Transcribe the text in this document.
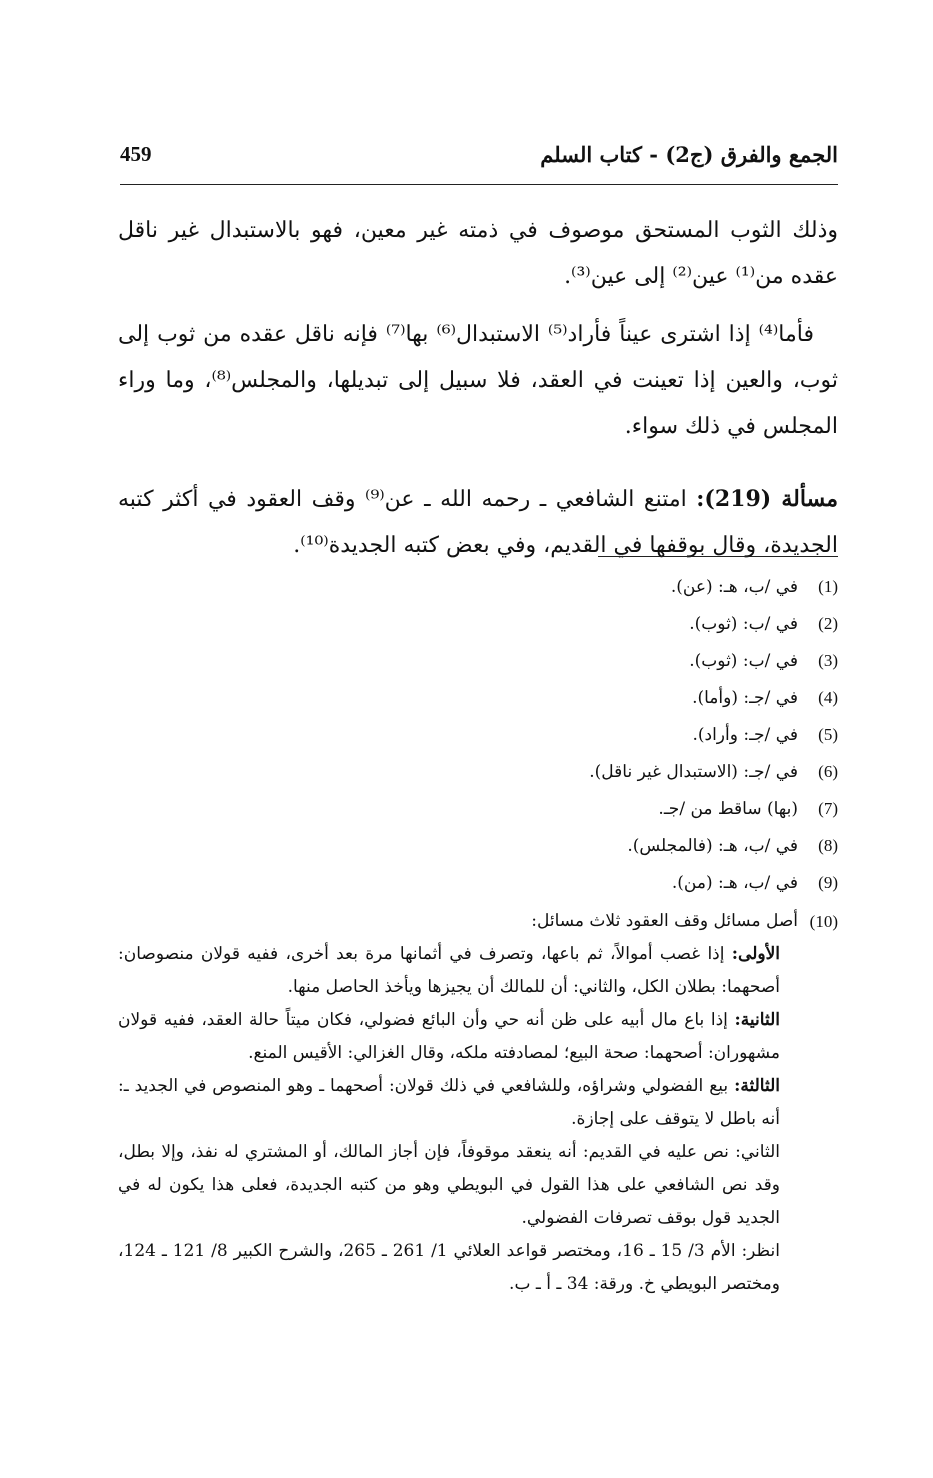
الجمع والفرق (ج2) - كتاب السلم
459

وذلك الثوب المستحق موصوف في ذمته غير معين، فهو بالاستبدال غير ناقل عقده من⁽¹⁾ عين⁽²⁾ إلى عين⁽³⁾.

فأما⁽⁴⁾ إذا اشترى عيناً فأراد⁽⁵⁾ الاستبدال⁽⁶⁾ بها⁽⁷⁾ فإنه ناقل عقده من ثوب إلى ثوب، والعين إذا تعينت في العقد، فلا سبيل إلى تبديلها، والمجلس⁽⁸⁾، وما وراء المجلس في ذلك سواء.

مسألة (219): امتنع الشافعي ـ رحمه الله ـ عن⁽⁹⁾ وقف العقود في أكثر كتبه الجديدة، وقال بوقفها في القديم، وفي بعض كتبه الجديدة⁽¹⁰⁾.

(1)
في /ب، هـ: (عن).
(2)
في /ب: (ثوب).
(3)
في /ب: (ثوب).
(4)
في /جـ: (وأما).
(5)
في /جـ: وأراد).
(6)
في /جـ: (الاستبدال غير ناقل).
(7)
(بها) ساقط من /جـ.
(8)
في /ب، هـ: (فالمجلس).
(9)
في /ب، هـ: (من).
(10)
أصل مسائل وقف العقود ثلاث مسائل:

الأولى: إذا غصب أموالاً، ثم باعها، وتصرف في أثمانها مرة بعد أخرى، ففيه قولان منصوصان: أصحهما: بطلان الكل، والثاني: أن للمالك أن يجيزها ويأخذ الحاصل منها.

الثانية: إذا باع مال أبيه على ظن أنه حي وأن البائع فضولي، فكان ميتاً حالة العقد، ففيه قولان مشهوران: أصحهما: صحة البيع؛ لمصادفته ملكه، وقال الغزالي: الأقيس المنع.

الثالثة: بيع الفضولي وشراؤه، وللشافعي في ذلك قولان: أصحهما ـ وهو المنصوص في الجديد ـ: أنه باطل لا يتوقف على إجازة.

الثاني: نص عليه في القديم: أنه ينعقد موقوفاً، فإن أجاز المالك، أو المشتري له نفذ، وإلا بطل، وقد نص الشافعي على هذا القول في البويطي وهو من كتبه الجديدة، فعلى هذا يكون له في الجديد قول بوقف تصرفات الفضولي.

انظر: الأم 3/ 15 ـ 16، ومختصر قواعد العلائي 1/ 261 ـ 265، والشرح الكبير 8/ 121 ـ 124، ومختصر البويطي خ. ورقة: 34 ـ أ ـ ب.
